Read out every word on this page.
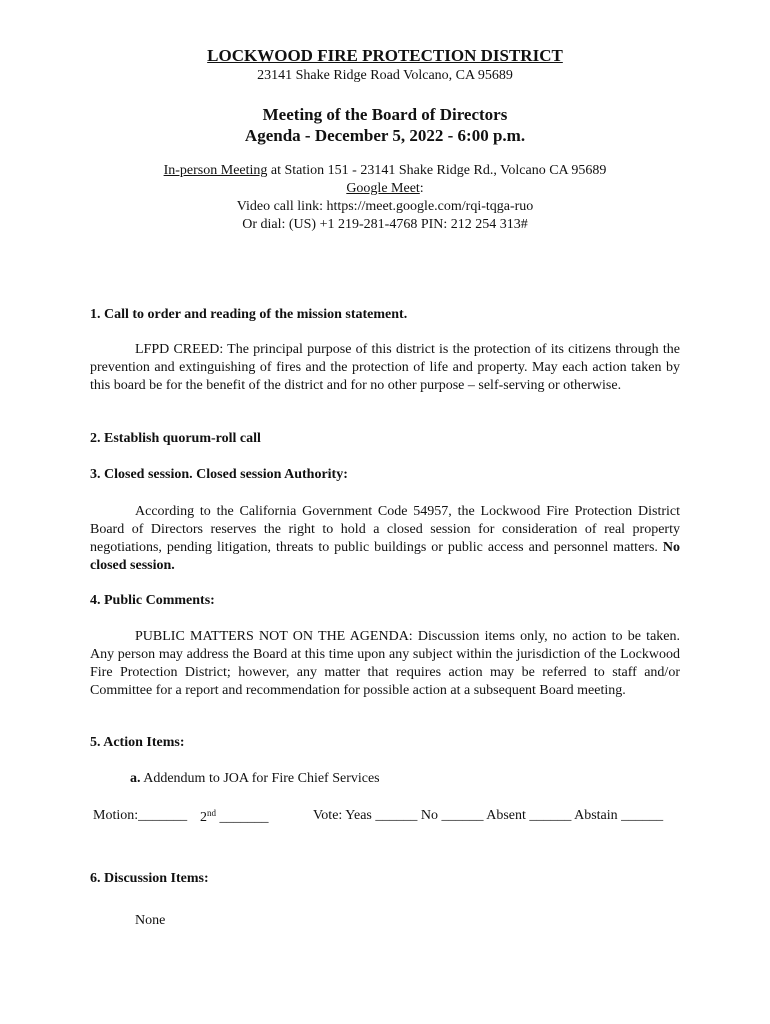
LOCKWOOD FIRE PROTECTION DISTRICT
23141 Shake Ridge Road Volcano, CA 95689
Meeting of the Board of Directors
Agenda - December 5, 2022 - 6:00 p.m.
In-person Meeting at Station 151 - 23141 Shake Ridge Rd., Volcano CA 95689
Google Meet:
Video call link: https://meet.google.com/rqi-tqga-ruo
Or dial: (US) +1 219-281-4768 PIN: 212 254 313#
1. Call to order and reading of the mission statement.
LFPD CREED: The principal purpose of this district is the protection of its citizens through the prevention and extinguishing of fires and the protection of life and property. May each action taken by this board be for the benefit of the district and for no other purpose – self-serving or otherwise.
2. Establish quorum-roll call
3. Closed session. Closed session Authority:
According to the California Government Code 54957, the Lockwood Fire Protection District Board of Directors reserves the right to hold a closed session for consideration of real property negotiations, pending litigation, threats to public buildings or public access and personnel matters. No closed session.
4. Public Comments:
PUBLIC MATTERS NOT ON THE AGENDA: Discussion items only, no action to be taken. Any person may address the Board at this time upon any subject within the jurisdiction of the Lockwood Fire Protection District; however, any matter that requires action may be referred to staff and/or Committee for a report and recommendation for possible action at a subsequent Board meeting.
5. Action Items:
a. Addendum to JOA for Fire Chief Services
Motion:_______ 2nd _______	Vote: Yeas ______ No ______ Absent ______ Abstain ______
6. Discussion Items:
None
